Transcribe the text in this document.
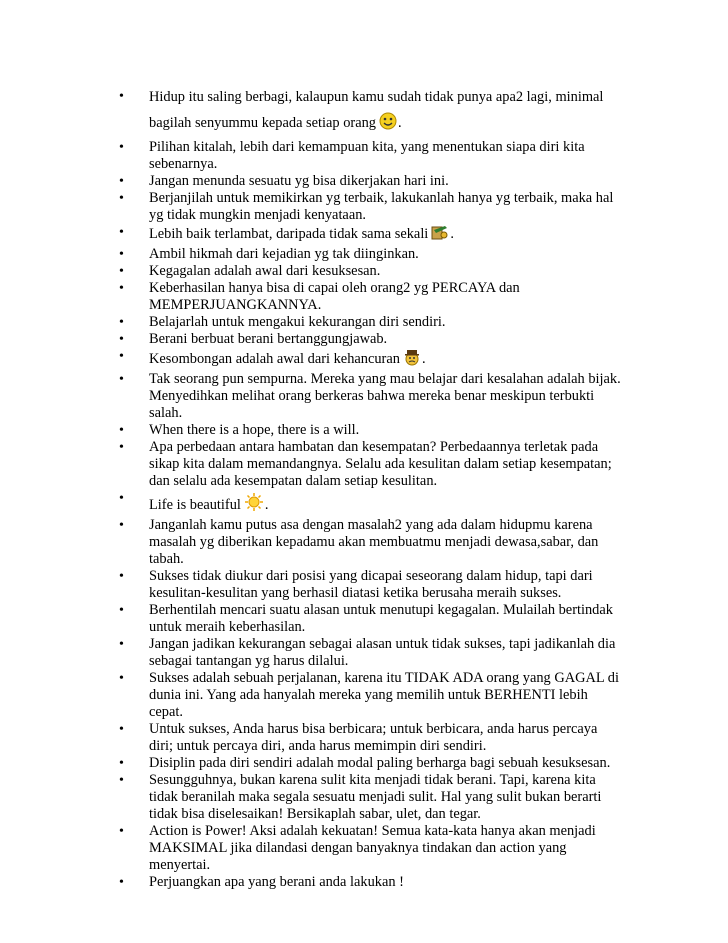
• Hidup itu saling berbagi, kalaupun kamu sudah tidak punya apa2 lagi, minimal bagilah senyummu kepada setiap orang .
• Pilihan kitalah, lebih dari kemampuan kita, yang menentukan siapa diri kita sebenarnya.
• Jangan menunda sesuatu yg bisa dikerjakan hari ini.
• Berjanjilah untuk memikirkan yg terbaik, lakukanlah hanya yg terbaik, maka hal yg tidak mungkin menjadi kenyataan.
• Lebih baik terlambat, daripada tidak sama sekali .
• Ambil hikmah dari kejadian yg tak diinginkan.
• Kegagalan adalah awal dari kesuksesan.
• Keberhasilan hanya bisa di capai oleh orang2 yg PERCAYA dan MEMPERJUANGKANNYA.
• Belajarlah untuk mengakui kekurangan diri sendiri.
• Berani berbuat berani bertanggungjawab.
• Kesombongan adalah awal dari kehancuran .
• Tak seorang pun sempurna. Mereka yang mau belajar dari kesalahan adalah bijak. Menyedihkan melihat orang berkeras bahwa mereka benar meskipun terbukti salah.
• When there is a hope, there is a will.
• Apa perbedaan antara hambatan dan kesempatan? Perbedaannya terletak pada sikap kita dalam memandangnya. Selalu ada kesulitan dalam setiap kesempatan; dan selalu ada kesempatan dalam setiap kesulitan.
• Life is beautiful .
• Janganlah kamu putus asa dengan masalah2 yang ada dalam hidupmu karena masalah yg diberikan kepadamu akan membuatmu menjadi dewasa,sabar, dan tabah.
• Sukses tidak diukur dari posisi yang dicapai seseorang dalam hidup, tapi dari kesulitan-kesulitan yang berhasil diatasi ketika berusaha meraih sukses.
• Berhentilah mencari suatu alasan untuk menutupi kegagalan. Mulailah bertindak untuk meraih keberhasilan.
• Jangan jadikan kekurangan sebagai alasan untuk tidak sukses, tapi jadikanlah dia sebagai tantangan yg harus dilalui.
• Sukses adalah sebuah perjalanan, karena itu TIDAK ADA orang yang GAGAL di dunia ini. Yang ada hanyalah mereka yang memilih untuk BERHENTI lebih cepat.
• Untuk sukses, Anda harus bisa berbicara; untuk berbicara, anda harus percaya diri; untuk percaya diri, anda harus memimpin diri sendiri.
• Disiplin pada diri sendiri adalah modal paling berharga bagi sebuah kesuksesan.
• Sesungguhnya, bukan karena sulit kita menjadi tidak berani. Tapi, karena kita tidak beranilah maka segala sesuatu menjadi sulit. Hal yang sulit bukan berarti tidak bisa diselesaikan! Bersikaplah sabar, ulet, dan tegar.
• Action is Power! Aksi adalah kekuatan! Semua kata-kata hanya akan menjadi MAKSIMAL jika dilandasi dengan banyaknya tindakan dan action yang menyertai.
• Perjuangkan apa yang berani anda lakukan !
